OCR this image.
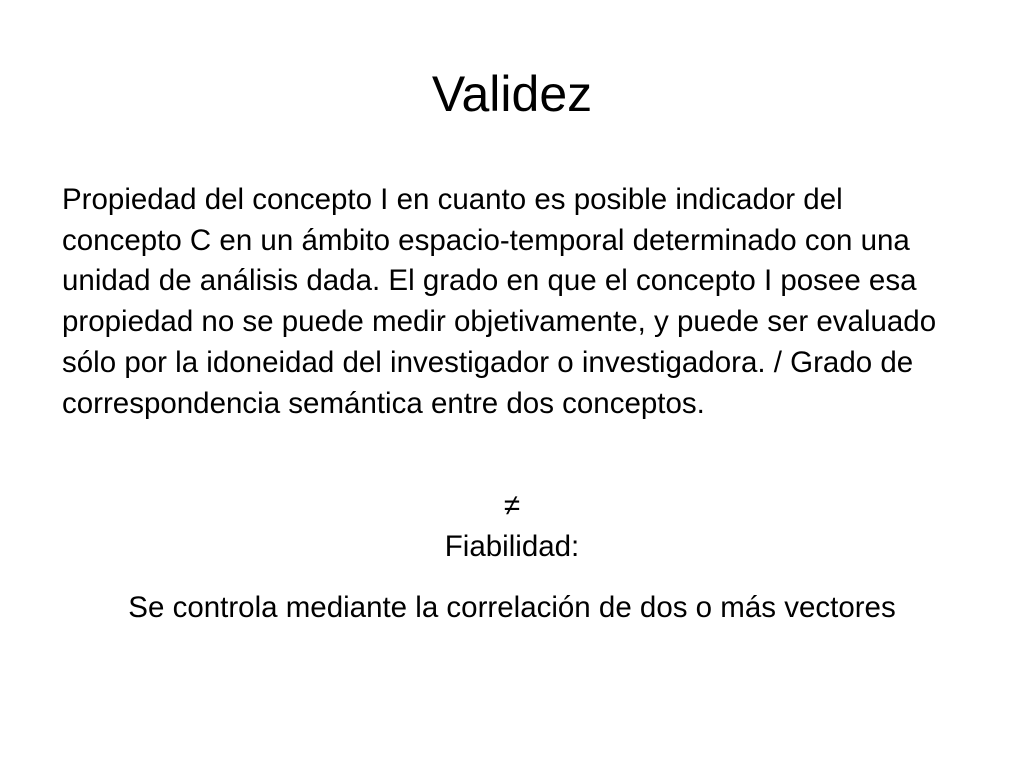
Validez

Propiedad del concepto I en cuanto es posible indicador del concepto C en un ámbito espacio-temporal determinado con una unidad de análisis dada. El grado en que el concepto I posee esa propiedad no se puede medir objetivamente, y puede ser evaluado sólo por la idoneidad del investigador o investigadora. / Grado de correspondencia semántica entre dos conceptos.

≠

Fiabilidad:

Se controla mediante la correlación de dos o más vectores
